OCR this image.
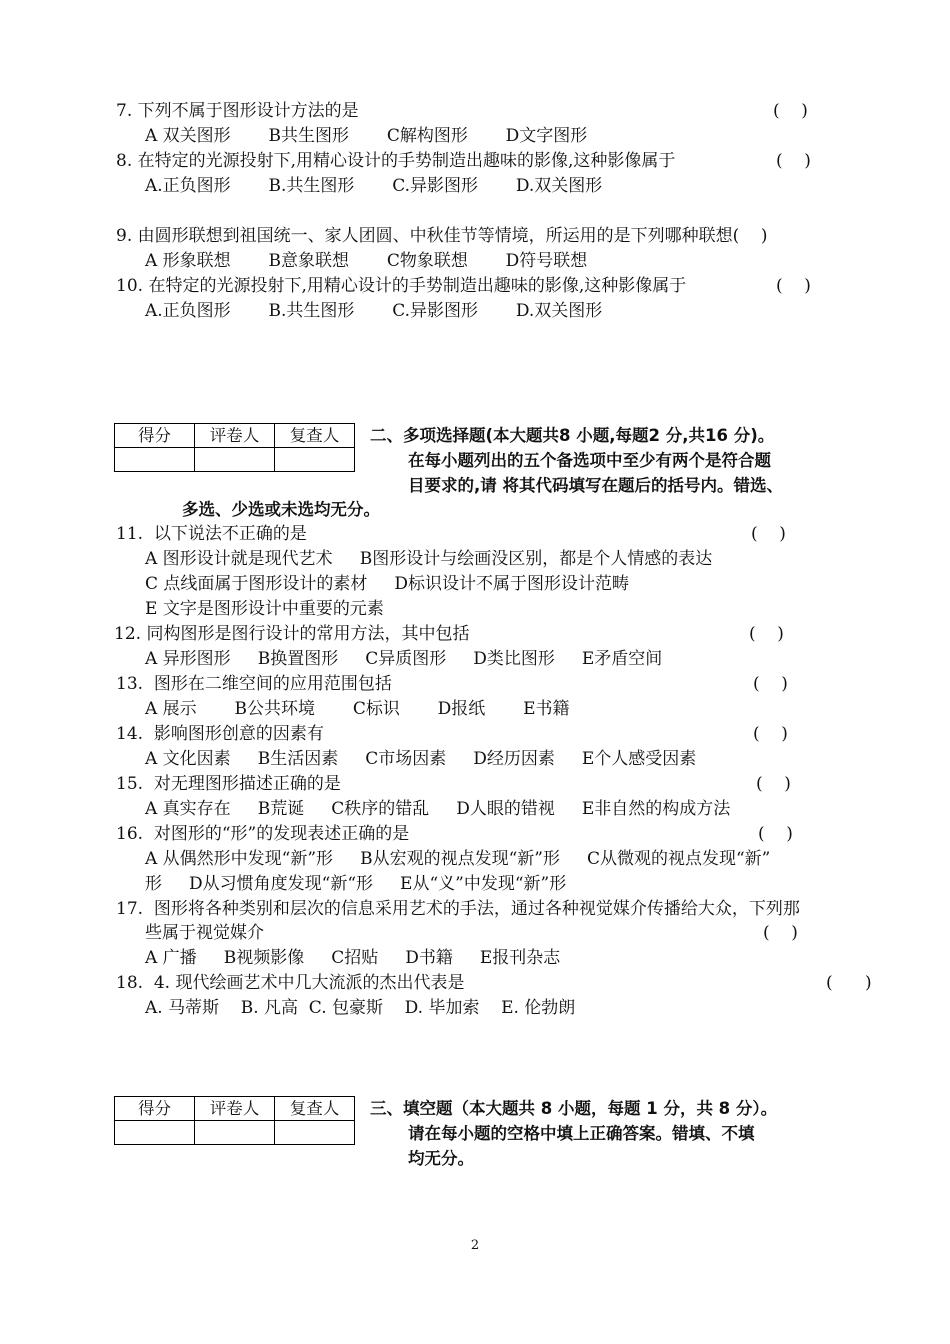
7. 下列不属于图形设计方法的是	(    )
A 双关图形       B共生图形       C解构图形       D文字图形
8. 在特定的光源投射下,用精心设计的手势制造出趣味的影像,这种影像属于	(    )
A.正负图形       B.共生图形       C.异影图形       D.双关图形
9. 由圆形联想到祖国统一、家人团圆、中秋佳节等情境，所运用的是下列哪种联想(    )
A 形象联想       B意象联想       C物象联想       D符号联想
10. 在特定的光源投射下,用精心设计的手势制造出趣味的影像,这种影像属于	(    )
A.正负图形       B.共生图形       C.异影图形       D.双关图形
得分	评卷人	复查人
		二、多项选择题(本大题共8 小题,每题2 分,共16 分)。
在每小题列出的五个备选项中至少有两个是符合题
目要求的,请 将其代码填写在题后的括号内。错选、
多选、少选或未选均无分。
11.  以下说法不正确的是	(    )
A 图形设计就是现代艺术     B图形设计与绘画没区别，都是个人情感的表达
C 点线面属于图形设计的素材     D标识设计不属于图形设计范畴
E 文字是图形设计中重要的元素
12. 同构图形是图行设计的常用方法，其中包括	(    )
A 异形图形     B换置图形     C异质图形     D类比图形     E矛盾空间
13.  图形在二维空间的应用范围包括	(    )
A 展示       B公共环境       C标识       D报纸       E书籍
14.  影响图形创意的因素有	(    )
A 文化因素     B生活因素     C市场因素     D经历因素     E个人感受因素
15.  对无理图形描述正确的是	(    )
A 真实存在     B荒诞     C秩序的错乱     D人眼的错视     E非自然的构成方法
16.  对图形的“形”的发现表述正确的是	(    )
A 从偶然形中发现“新”形     B从宏观的视点发现“新”形     C从微观的视点发现“新”
形     D从习惯角度发现“新“形     E从“义”中发现“新”形
17.  图形将各种类别和层次的信息采用艺术的手法，通过各种视觉媒介传播给大众，下列那
些属于视觉媒介	(    )
A 广播     B视频影像     C招贴     D书籍     E报刊杂志
18.  4. 现代绘画艺术中几大流派的杰出代表是	(      )
A. 马蒂斯    B. 凡高  C. 包豪斯    D. 毕加索    E. 伦勃朗
得分	评卷人	复查人
		三、填空题（本大题共 8 小题，每题 1 分，共 8 分）。
请在每小题的空格中填上正确答案。错填、不填
均无分。
2
